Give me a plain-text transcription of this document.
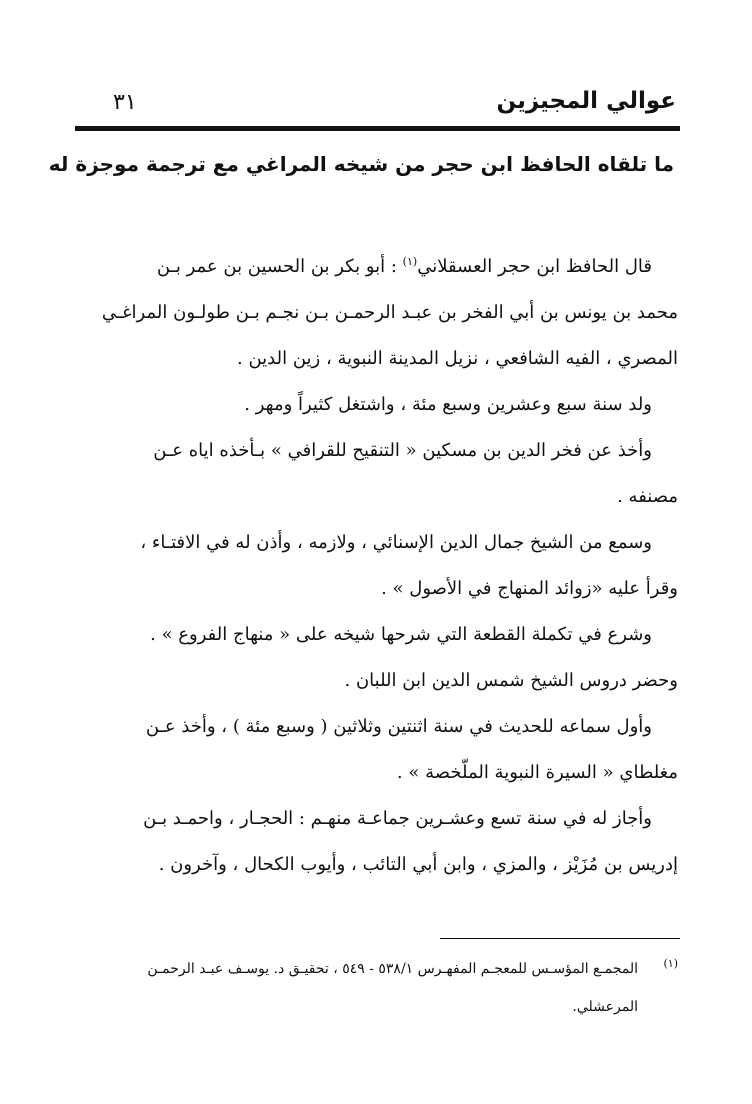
عوالي المجيزين
٣١
ما تلقاه الحافظ ابن حجر من شيخه المراغي مع ترجمة موجزة له
قال الحافظ ابن حجر العسقلاني$^{(١)}$ : أبو بكر بن الحسين بن عمر بـن
محمد بن يونس بن أبي الفخر بن عبـد الرحمـن بـن نجـم بـن طولـون المراغـي
المصري ، الفيه الشافعي ، نزيل المدينة النبوية ، زين الدين .
ولد سنة سبع وعشرين وسبع مئة ، واشتغل كثيراً ومهر .
وأخذ عن فخر الدين بن مسكين « التنقيح للقرافي » بـأخذه اياه عـن
مصنفه .
وسمع من الشيخ جمال الدين الإسنائي ، ولازمه ، وأذن له في الافتـاء ،
وقرأ عليه «زوائد المنهاج في الأصول » .
وشرع في تكملة القطعة التي شرحها شيخه على « منهاج الفروع » .
وحضر دروس الشيخ شمس الدين ابن اللبان .
وأول سماعه للحديث في سنة اثنتين وثلاثين ( وسبع مئة ) ، وأخذ عـن
مغلطاي « السيرة النبوية الملّخصة » .
وأجاز له في سنة تسع وعشـرين جماعـة منهـم : الحجـار ، واحمـد بـن
إدريس بن مُزَيْز ، والمزي ، وابن أبي التائب ، وأيوب الكحال ، وآخرون .
(١)المجمـع المؤسـس للمعجـم المفهـرس ٥٣٨/١ - ٥٤٩ ، تحقيـق د. يوسـف عبـد الرحمـن
المرعشلي.
